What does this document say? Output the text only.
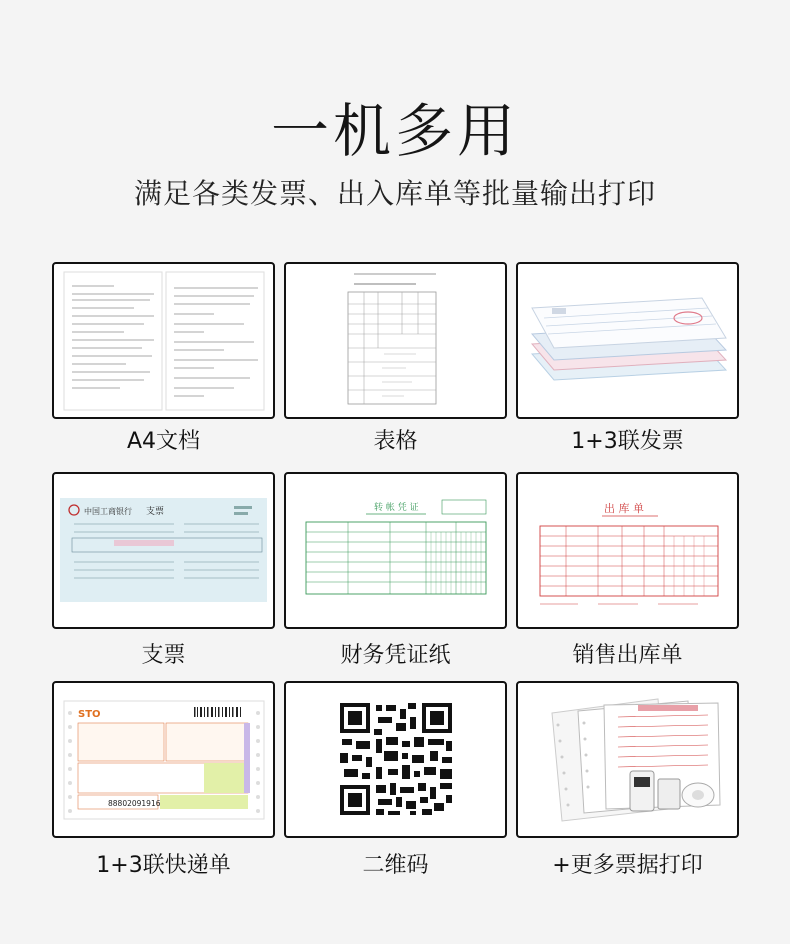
一机多用
满足各类发票、出入库单等批量输出打印
A4文档	表格	1+3联发票
中国工商银行 支票
支票
转 帐 凭 证
财务凭证纸
出 库 单
销售出库单
STO
88802091916
1+3联快递单	二维码	+更多票据打印
